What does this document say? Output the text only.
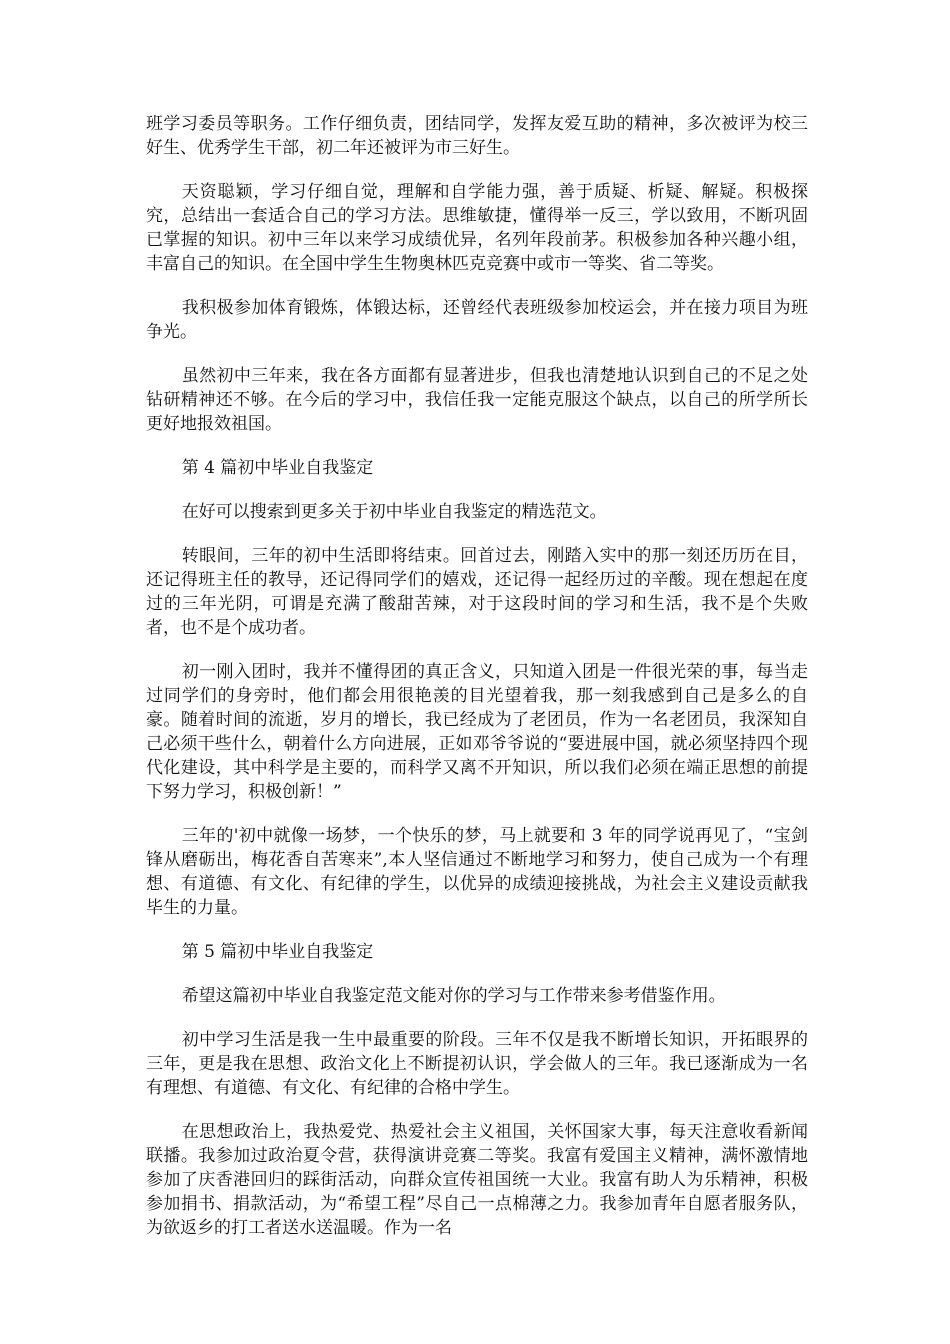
班学习委员等职务。工作仔细负责，团结同学，发挥友爱互助的精神，多次被评为校三好生、优秀学生干部，初二年还被评为市三好生。

天资聪颖，学习仔细自觉，理解和自学能力强，善于质疑、析疑、解疑。积极探究，总结出一套适合自己的学习方法。思维敏捷，懂得举一反三，学以致用，不断巩固已掌握的知识。初中三年以来学习成绩优异，名列年段前茅。积极参加各种兴趣小组，丰富自己的知识。在全国中学生生物奥林匹克竞赛中或市一等奖、省二等奖。

我积极参加体育锻炼，体锻达标，还曾经代表班级参加校运会，并在接力项目为班争光。

虽然初中三年来，我在各方面都有显著进步，但我也清楚地认识到自己的不足之处钻研精神还不够。在今后的学习中，我信任我一定能克服这个缺点，以自己的所学所长更好地报效祖国。

第 4 篇初中毕业自我鉴定

在好可以搜索到更多关于初中毕业自我鉴定的精选范文。

转眼间，三年的初中生活即将结束。回首过去，刚踏入实中的那一刻还历历在目，还记得班主任的教导，还记得同学们的嬉戏，还记得一起经历过的辛酸。现在想起在度过的三年光阴，可谓是充满了酸甜苦辣，对于这段时间的学习和生活，我不是个失败者，也不是个成功者。

初一刚入团时，我并不懂得团的真正含义，只知道入团是一件很光荣的事，每当走过同学们的身旁时，他们都会用很艳羡的目光望着我，那一刻我感到自己是多么的自豪。随着时间的流逝，岁月的增长，我已经成为了老团员，作为一名老团员，我深知自己必须干些什么，朝着什么方向进展，正如邓爷爷说的“要进展中国，就必须坚持四个现代化建设，其中科学是主要的，而科学又离不开知识，所以我们必须在端正思想的前提下努力学习，积极创新！”

三年的'初中就像一场梦，一个快乐的梦，马上就要和 3 年的同学说再见了，“宝剑锋从磨砺出，梅花香自苦寒来”,本人坚信通过不断地学习和努力，使自己成为一个有理想、有道德、有文化、有纪律的学生，以优异的成绩迎接挑战，为社会主义建设贡献我毕生的力量。

第 5 篇初中毕业自我鉴定

希望这篇初中毕业自我鉴定范文能对你的学习与工作带来参考借鉴作用。

初中学习生活是我一生中最重要的阶段。三年不仅是我不断增长知识，开拓眼界的三年，更是我在思想、政治文化上不断提初认识，学会做人的三年。我已逐渐成为一名有理想、有道德、有文化、有纪律的合格中学生。

在思想政治上，我热爱党、热爱社会主义祖国，关怀国家大事，每天注意收看新闻联播。我参加过政治夏令营，获得演讲竞赛二等奖。我富有爱国主义精神，满怀激情地参加了庆香港回归的踩街活动，向群众宣传祖国统一大业。我富有助人为乐精神，积极参加捐书、捐款活动，为“希望工程”尽自己一点棉薄之力。我参加青年自愿者服务队，为欲返乡的打工者送水送温暖。作为一名
